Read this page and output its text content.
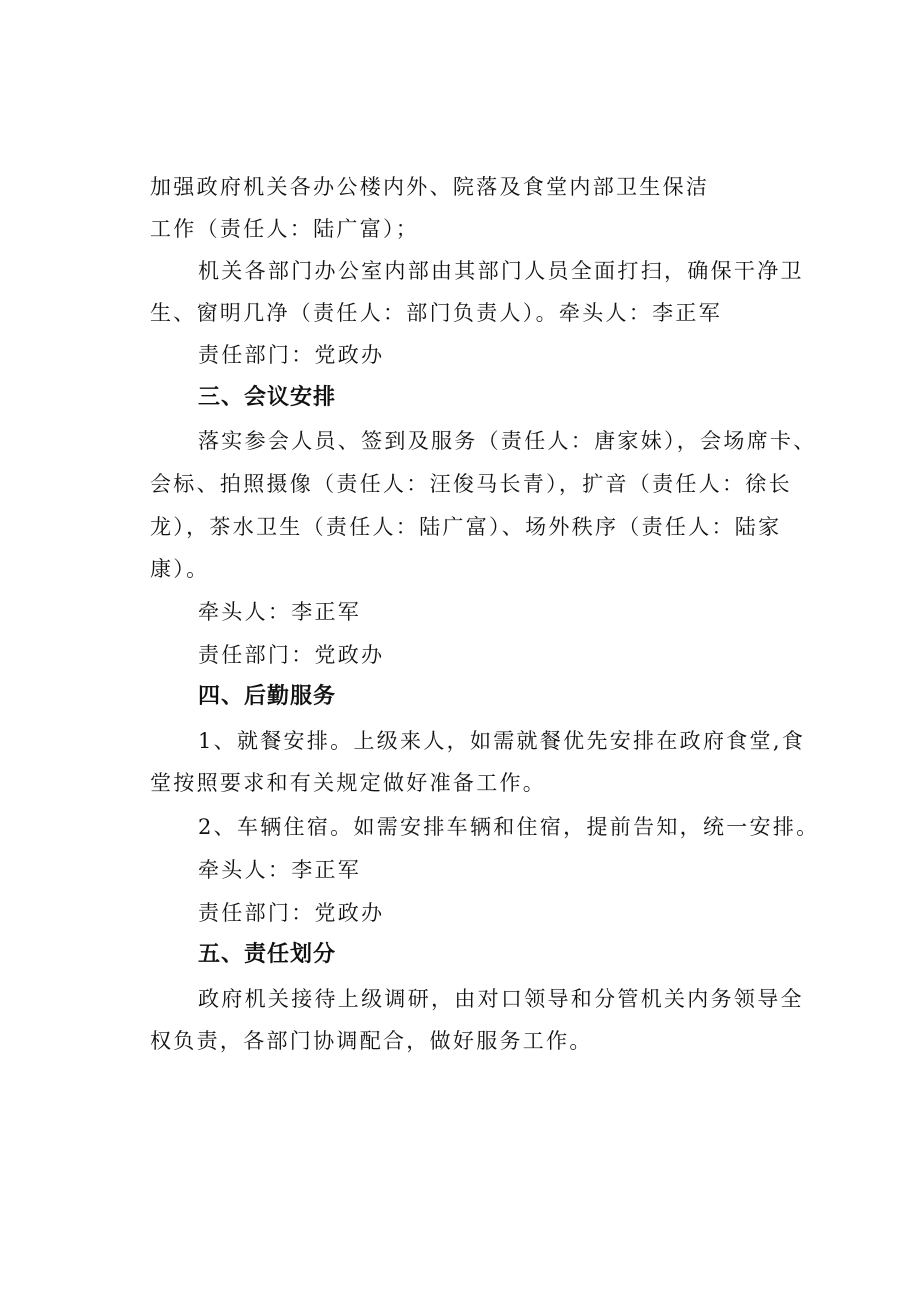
加强政府机关各办公楼内外、院落及食堂内部卫生保洁
工作（责任人：陆广富）；
机关各部门办公室内部由其部门人员全面打扫，确保干净卫
生、窗明几净（责任人：部门负责人）。牵头人：李正军
责任部门：党政办
三、会议安排
落实参会人员、签到及服务（责任人：唐家妹），会场席卡、
会标、拍照摄像（责任人：汪俊马长青），扩音（责任人：徐长
龙），茶水卫生（责任人：陆广富）、场外秩序（责任人：陆家
康）。
牵头人：李正军
责任部门：党政办
四、后勤服务
1、就餐安排。上级来人，如需就餐优先安排在政府食堂,食
堂按照要求和有关规定做好准备工作。
2、车辆住宿。如需安排车辆和住宿，提前告知，统一安排。
牵头人：李正军
责任部门：党政办
五、责任划分
政府机关接待上级调研，由对口领导和分管机关内务领导全
权负责，各部门协调配合，做好服务工作。
